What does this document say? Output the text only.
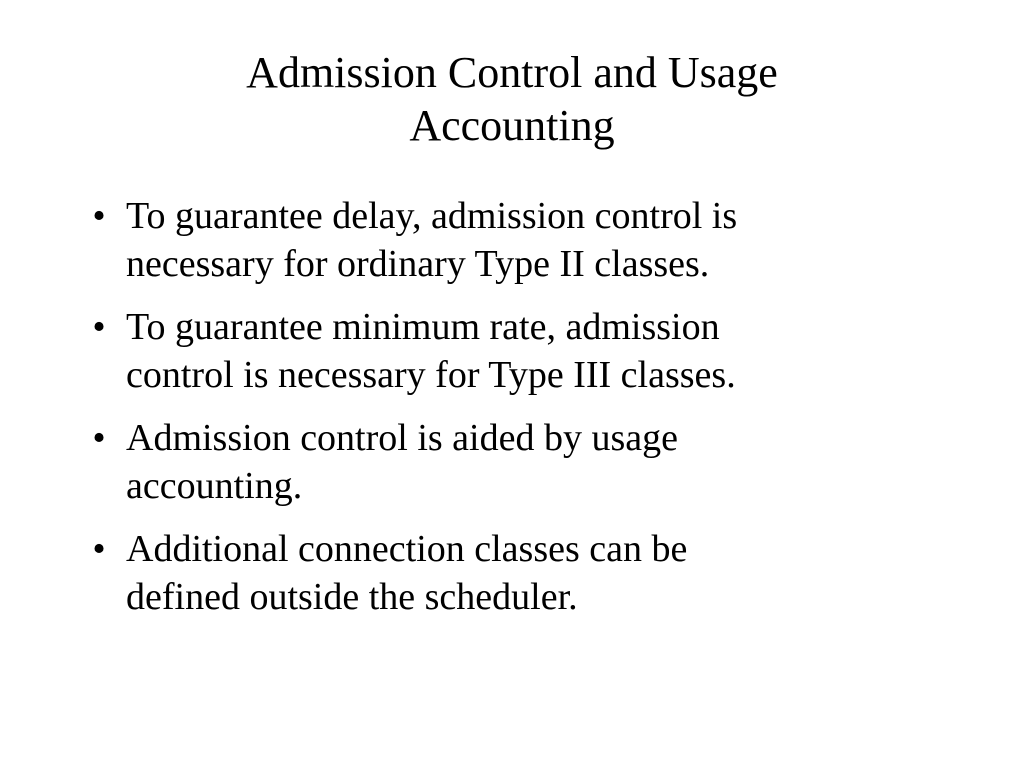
Admission Control and Usage
Accounting
• To guarantee delay, admission control is
necessary for ordinary Type II classes.
• To guarantee minimum rate, admission
control is necessary for Type III classes.
• Admission control is aided by usage
accounting.
• Additional connection classes can be
defined outside the scheduler.
